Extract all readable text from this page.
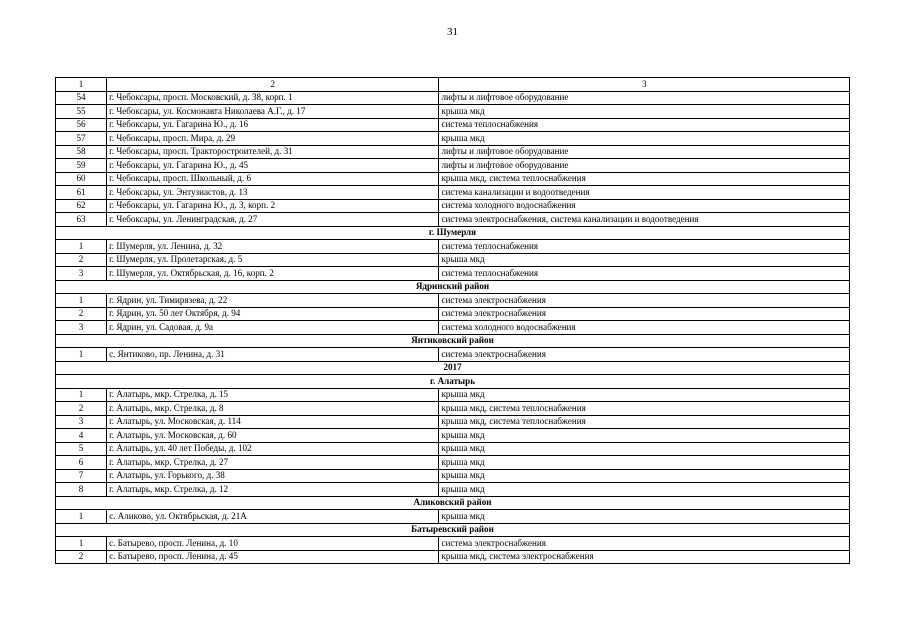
31
1	2	3
54	г. Чебоксары, просп. Московский, д. 38, корп. 1	лифты и лифтовое оборудование
55	г. Чебоксары, ул. Космонавта Николаева А.Г., д. 17	крыша мкд
56	г. Чебоксары, ул. Гагарина Ю., д. 16	система теплоснабжения
57	г. Чебоксары, просп. Мира, д. 29	крыша мкд
58	г. Чебоксары, просп. Тракторостроителей, д. 31	лифты и лифтовое оборудование
59	г. Чебоксары, ул. Гагарина Ю., д. 45	лифты и лифтовое оборудование
60	г. Чебоксары, просп. Школьный, д. 6	крыша мкд, система теплоснабжения
61	г. Чебоксары, ул. Энтузиастов, д. 13	система канализации и водоотведения
62	г. Чебоксары, ул. Гагарина Ю., д. 3, корп. 2	система холодного водоснабжения
63	г. Чебоксары, ул. Ленинградская, д. 27	система электроснабжения, система канализации и водоотведения
г. Шумерля		
1	г. Шумерля, ул. Ленина, д. 32	система теплоснабжения
2	г. Шумерля, ул. Пролетарская, д. 5	крыша мкд
3	г. Шумерля, ул. Октябрьская, д. 16, корп. 2	система теплоснабжения
Ядринский район		
1	г. Ядрин, ул. Тимирязева, д. 22	система электроснабжения
2	г. Ядрин, ул. 50 лет Октября, д. 94	система электроснабжения
3	г. Ядрин, ул. Садовая, д. 9а	система холодного водоснабжения
Янтиковский район		
1	с. Янтиково, пр. Ленина, д. 31	система электроснабжения
2017		
г. Алатырь		
1	г. Алатырь, мкр. Стрелка, д. 15	крыша мкд
2	г. Алатырь, мкр. Стрелка, д. 8	крыша мкд, система теплоснабжения
3	г. Алатырь, ул. Московская, д. 114	крыша мкд, система теплоснабжения
4	г. Алатырь, ул. Московская, д. 60	крыша мкд
5	г. Алатырь, ул. 40 лет Победы, д. 102	крыша мкд
6	г. Алатырь, мкр. Стрелка, д. 27	крыша мкд
7	г. Алатырь, ул. Горького, д. 38	крыша мкд
8	г. Алатырь, мкр. Стрелка, д. 12	крыша мкд
Аликовский район		
1	с. Аликово, ул. Октябрьская, д. 21А	крыша мкд
Батыревский район		
1	с. Батырево, просп. Ленина, д. 10	система электроснабжения
2	с. Батырево, просп. Ленина, д. 45	крыша мкд, система электроснабжения
